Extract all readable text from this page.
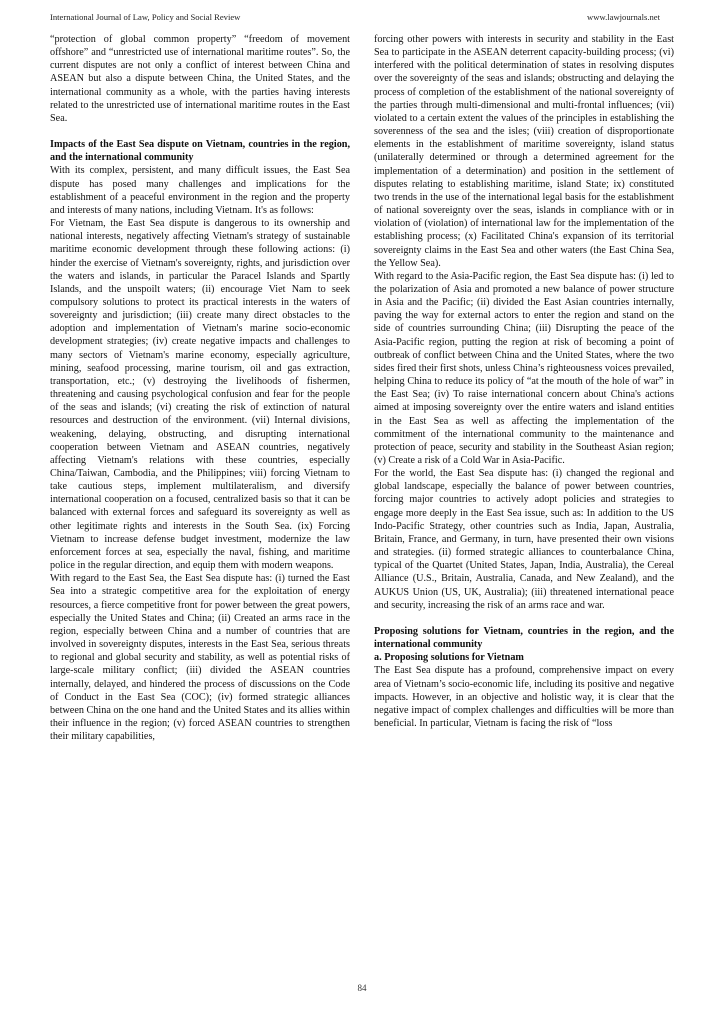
International Journal of Law, Policy and Social Review	www.lawjournals.net

“protection of global common property” “freedom of movement offshore” and “unrestricted use of international maritime routes”. So, the current disputes are not only a conflict of interest between China and ASEAN but also a dispute between China, the United States, and the international community as a whole, with the parties having interests related to the unrestricted use of international maritime routes in the East Sea.

Impacts of the East Sea dispute on Vietnam, countries in the region, and the international community

With its complex, persistent, and many difficult issues, the East Sea dispute has posed many challenges and implications for the establishment of a peaceful environment in the region and the property and interests of many nations, including Vietnam. It's as follows:

For Vietnam, the East Sea dispute is dangerous to its ownership and national interests, negatively affecting Vietnam's strategy of sustainable maritime economic development through these following actions: (i) hinder the exercise of Vietnam's sovereignty, rights, and jurisdiction over the waters and islands, in particular the Paracel Islands and Spartly Islands, and the unspoilt waters; (ii) encourage Viet Nam to seek compulsory solutions to protect its practical interests in the waters of sovereignty and jurisdiction; (iii) create many direct obstacles to the adoption and implementation of Vietnam's marine socio-economic development strategies; (iv) create negative impacts and challenges to many sectors of Vietnam's marine economy, especially agriculture, mining, seafood processing, marine tourism, oil and gas extraction, transportation, etc.; (v) destroying the livelihoods of fishermen, threatening and causing psychological confusion and fear for the people of the seas and islands; (vi) creating the risk of extinction of natural resources and destruction of the environment. (vii) Internal divisions, weakening, delaying, obstructing, and disrupting international cooperation between Vietnam and ASEAN countries, negatively affecting Vietnam's relations with these countries, especially China/Taiwan, Cambodia, and the Philippines; viii) forcing Vietnam to take cautious steps, implement multilateralism, and diversify international cooperation on a focused, centralized basis so that it can be balanced with external forces and safeguard its sovereignty as well as other legitimate rights and interests in the South Sea. (ix) Forcing Vietnam to increase defense budget investment, modernize the law enforcement forces at sea, especially the naval, fishing, and maritime police in the regular direction, and equip them with modern weapons.

With regard to the East Sea, the East Sea dispute has: (i) turned the East Sea into a strategic competitive area for the exploitation of energy resources, a fierce competitive front for power between the great powers, especially the United States and China; (ii) Created an arms race in the region, especially between China and a number of countries that are involved in sovereignty disputes, interests in the East Sea, serious threats to regional and global security and stability, as well as potential risks of large-scale military conflict; (iii) divided the ASEAN countries internally, delayed, and hindered the process of discussions on the Code of Conduct in the East Sea (COC); (iv) formed strategic alliances between China on the one hand and the United States and its allies within their influence in the region; (v) forced ASEAN countries to strengthen their military capabilities,

forcing other powers with interests in security and stability in the East Sea to participate in the ASEAN deterrent capacity-building process; (vi) interfered with the political determination of states in resolving disputes over the sovereignty of the seas and islands; obstructing and delaying the process of completion of the establishment of the national sovereignty of the parties through multi-dimensional and multi-frontal influences; (vii) violated to a certain extent the values of the principles in establishing the soverenness of the sea and the isles; (viii) creation of disproportionate elements in the establishment of maritime sovereignty, island status (unilaterally determined or through a determined agreement for the implementation of a determination) and position in the settlement of disputes relating to establishing maritime, island State; ix) constituted two trends in the use of the international legal basis for the establishment of national sovereignty over the seas, islands in compliance with or in violation of (violation) of international law for the implementation of the establishing process; (x) Facilitated China's expansion of its territorial sovereignty claims in the East Sea and other waters (the East China Sea, the Yellow Sea).

With regard to the Asia-Pacific region, the East Sea dispute has: (i) led to the polarization of Asia and promoted a new balance of power structure in Asia and the Pacific; (ii) divided the East Asian countries internally, paving the way for external actors to enter the region and stand on the side of countries surrounding China; (iii) Disrupting the peace of the Asia-Pacific region, putting the region at risk of becoming a point of outbreak of conflict between China and the United States, where the two sides fired their first shots, unless China’s righteousness voices prevailed, helping China to reduce its policy of “at the mouth of the hole of war” in the East Sea; (iv) To raise international concern about China's actions aimed at imposing sovereignty over the entire waters and island entities in the East Sea as well as affecting the implementation of the commitment of the international community to the maintenance and protection of peace, security and stability in the Southeast Asian region; (v) Create a risk of a Cold War in Asia-Pacific.

For the world, the East Sea dispute has: (i) changed the regional and global landscape, especially the balance of power between countries, forcing major countries to actively adopt policies and strategies to engage more deeply in the East Sea issue, such as: In addition to the US Indo-Pacific Strategy, other countries such as India, Japan, Australia, Britain, France, and Germany, in turn, have presented their own visions and strategies. (ii) formed strategic alliances to counterbalance China, typical of the Quartet (United States, Japan, India, Australia), the Cereal Alliance (U.S., Britain, Australia, Canada, and New Zealand), and the AUKUS Union (US, UK, Australia); (iii) threatened international peace and security, increasing the risk of an arms race and war.

Proposing solutions for Vietnam, countries in the region, and the international community
a. Proposing solutions for Vietnam

The East Sea dispute has a profound, comprehensive impact on every area of Vietnam’s socio-economic life, including its positive and negative impacts. However, in an objective and holistic way, it is clear that the negative impact of complex challenges and difficulties will be more than beneficial. In particular, Vietnam is facing the risk of “loss

84
